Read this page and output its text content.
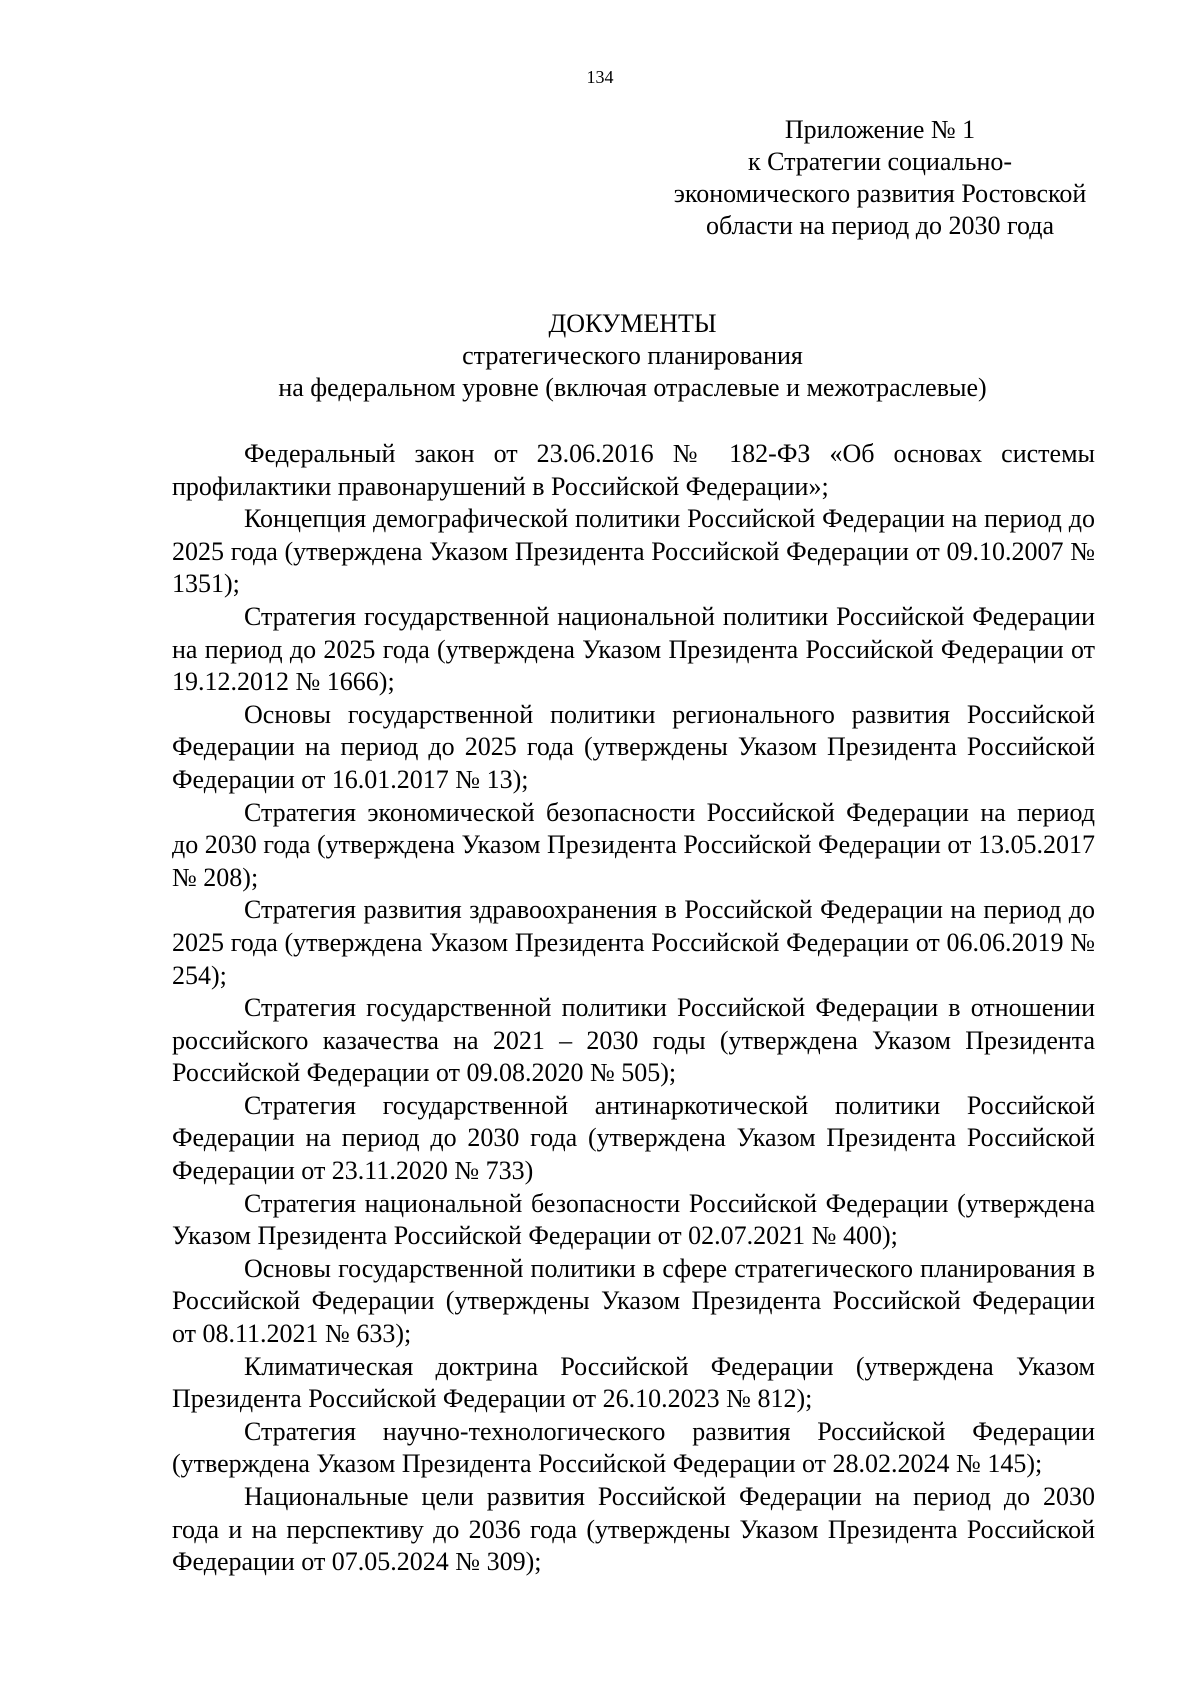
134
Приложение № 1
к Стратегии социально-
экономического развития Ростовской
области на период до 2030 года
ДОКУМЕНТЫ
стратегического планирования
на федеральном уровне (включая отраслевые и межотраслевые)

Федеральный закон от 23.06.2016 № 182-ФЗ «Об основах системы профилактики правонарушений в Российской Федерации»;

Концепция демографической политики Российской Федерации на период до 2025 года (утверждена Указом Президента Российской Федерации от 09.10.2007 № 1351);

Стратегия государственной национальной политики Российской Федерации на период до 2025 года (утверждена Указом Президента Российской Федерации от 19.12.2012 № 1666);

Основы государственной политики регионального развития Российской Федерации на период до 2025 года (утверждены Указом Президента Российской Федерации от 16.01.2017 № 13);

Стратегия экономической безопасности Российской Федерации на период до 2030 года (утверждена Указом Президента Российской Федерации от 13.05.2017 № 208);

Стратегия развития здравоохранения в Российской Федерации на период до 2025 года (утверждена Указом Президента Российской Федерации от 06.06.2019 № 254);

Стратегия государственной политики Российской Федерации в отношении российского казачества на 2021 – 2030 годы (утверждена Указом Президента Российской Федерации от 09.08.2020 № 505);

Стратегия государственной антинаркотической политики Российской Федерации на период до 2030 года (утверждена Указом Президента Российской Федерации от 23.11.2020 № 733)

Стратегия национальной безопасности Российской Федерации (утверждена Указом Президента Российской Федерации от 02.07.2021 № 400);

Основы государственной политики в сфере стратегического планирования в Российской Федерации (утверждены Указом Президента Российской Федерации от 08.11.2021 № 633);

Климатическая доктрина Российской Федерации (утверждена Указом Президента Российской Федерации от 26.10.2023 № 812);

Стратегия научно-технологического развития Российской Федерации (утверждена Указом Президента Российской Федерации от 28.02.2024 № 145);

Национальные цели развития Российской Федерации на период до 2030 года и на перспективу до 2036 года (утверждены Указом Президента Российской Федерации от 07.05.2024 № 309);
